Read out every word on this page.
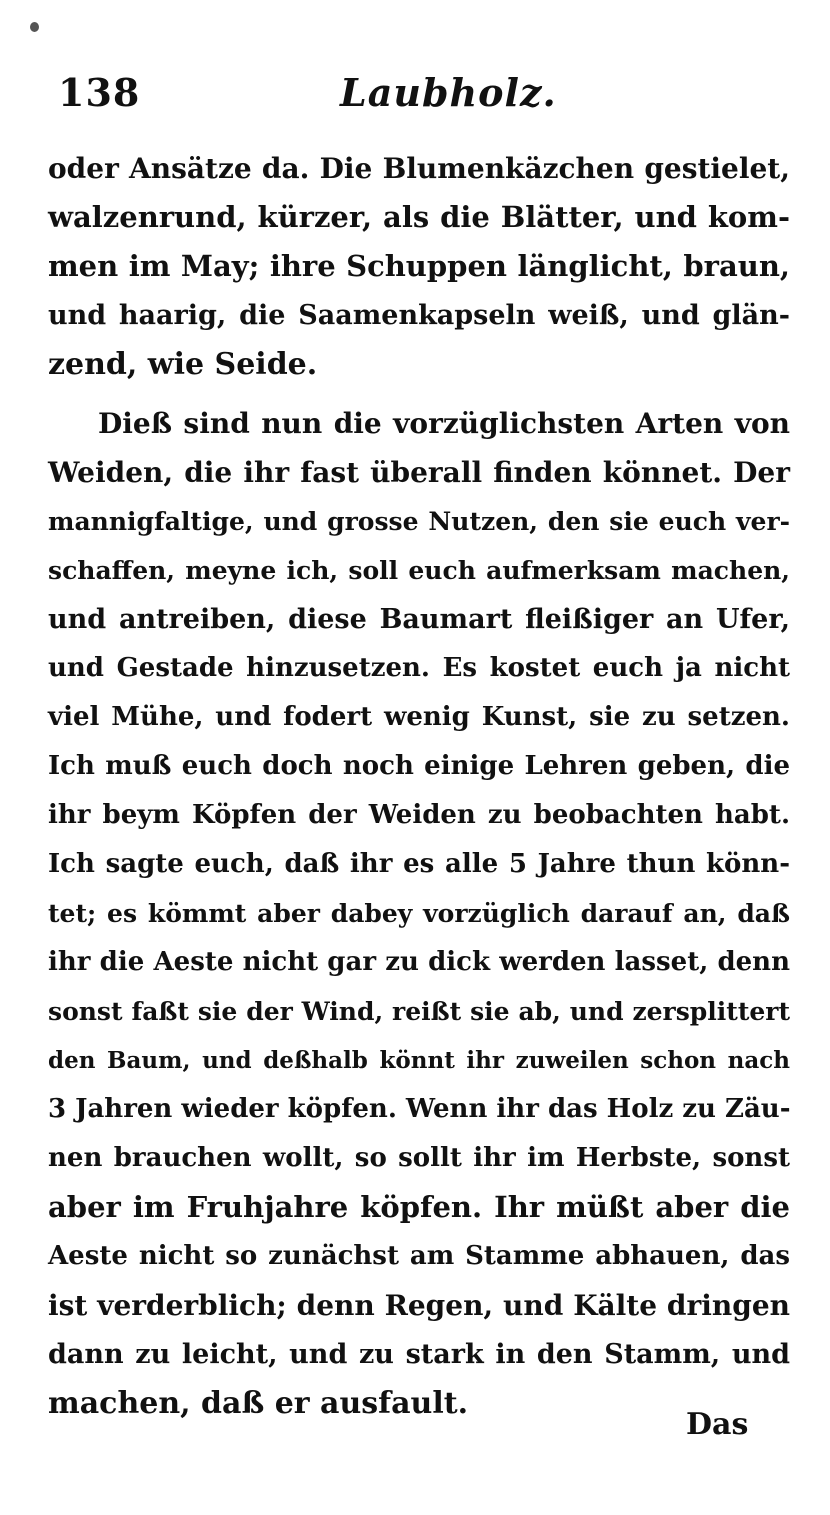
138	Laubholz.
oder Ansätze da. Die Blumenkäzchen gestielet,
walzenrund, kürzer, als die Blätter, und kom-
men im May; ihre Schuppen länglicht, braun,
und haarig, die Saamenkapseln weiß, und glän-
zend, wie Seide.
Dieß sind nun die vorzüglichsten Arten von
Weiden, die ihr fast überall finden könnet. Der
mannigfaltige, und grosse Nutzen, den sie euch ver-
schaffen, meyne ich, soll euch aufmerksam machen,
und antreiben, diese Baumart fleißiger an Ufer,
und Gestade hinzusetzen. Es kostet euch ja nicht
viel Mühe, und fodert wenig Kunst, sie zu setzen.
Ich muß euch doch noch einige Lehren geben, die
ihr beym Köpfen der Weiden zu beobachten habt.
Ich sagte euch, daß ihr es alle 5 Jahre thun könn-
tet; es kömmt aber dabey vorzüglich darauf an, daß
ihr die Aeste nicht gar zu dick werden lasset, denn
sonst faßt sie der Wind, reißt sie ab, und zersplittert
den Baum, und deßhalb könnt ihr zuweilen schon nach
3 Jahren wieder köpfen. Wenn ihr das Holz zu Zäu-
nen brauchen wollt, so sollt ihr im Herbste, sonst
aber im Fruhjahre köpfen. Ihr müßt aber die
Aeste nicht so zunächst am Stamme abhauen, das
ist verderblich; denn Regen, und Kälte dringen
dann zu leicht, und zu stark in den Stamm, und
machen, daß er ausfault.
Das
